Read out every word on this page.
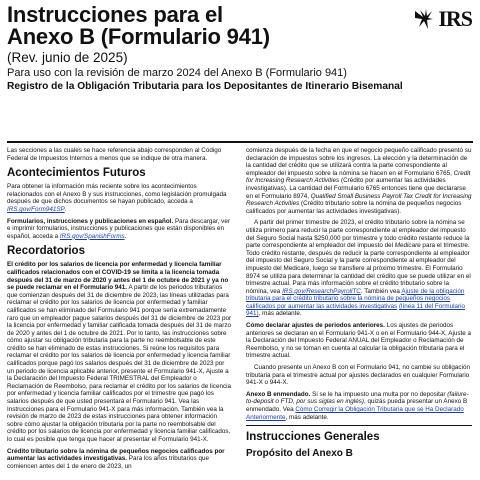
Instrucciones para el
Anexo B (Formulario 941)
(Rev. junio de 2025)
Para uso con la revisión de marzo 2024 del Anexo B (Formulario 941)
Registro de la Obligación Tributaria para los Depositantes de Itinerario Bisemanal
IRS

Las secciones a las cuales se hace referencia abajo corresponden al Código Federal de Impuestos Internos a menos que se indique de otra manera.

Acontecimientos Futuros

Para obtener la información más reciente sobre los acontecimientos relacionados con el Anexo B y sus instrucciones, como legislación promulgada después de que dichos documentos se hayan publicado, acceda a IRS.gov/Form941SP.

Formularios, instrucciones y publicaciones en español. Para descargar, ver e imprimir formularios, instrucciones y publicaciones que están disponibles en español, acceda a IRS.gov/SpanishForms.

Recordatorios

El crédito por los salarios de licencia por enfermedad y licencia familiar calificados relacionados con el COVID-19 se limita a la licencia tomada después del 31 de marzo de 2020 y antes del 1 de octubre de 2021 y ya no se puede reclamar en el Formulario 941. A partir de los periodos tributarios que comienzan después del 31 de diciembre de 2023, las líneas utilizadas para reclamar el crédito por los salarios de licencia por enfermedad y familiar calificados se han eliminado del Formulario 941 porque sería extremadamente raro que un empleador pague salarios después del 31 de diciembre de 2023 por la licencia por enfermedad y familiar calificada tomada después del 31 de marzo de 2020 y antes del 1 de octubre de 2021. Por lo tanto, las instrucciones sobre cómo ajustar su obligación tributaria para la parte no reembolsable de este crédito se han eliminado de estas instrucciones. Si reúne los requisitos para reclamar el crédito por los salarios de licencia por enfermedad y licencia familiar calificados porque pagó los salarios después del 31 de diciembre de 2023 por un periodo de licencia aplicable anterior, presente el Formulario 941-X, Ajuste a la Declaración del Impuesto Federal TRIMESTRAL del Empleador o Reclamación de Reembolso, para reclamar el crédito por los salarios de licencia por enfermedad y licencia familiar calificados por el trimestre que pagó los salarios después de que usted presentará el Formulario 941. Vea las Instrucciones para el Formulario 941-X para más información. También vea la revisión de marzo de 2023 de estas instrucciones para obtener información sobre cómo ajustar la obligación tributaria por la parte no reembolsable del crédito por los salarios de licencia por enfermedad y licencia familiar calificados, lo cual es posible que tenga que hacer al presentar el Formulario 941-X.

Crédito tributario sobre la nómina de pequeños negocios calificados por aumentar las actividades investigativas. Para los años tributarios que comiencen antes del 1 de enero de 2023, un

comienza después de la fecha en que el negocio pequeño calificado presentó su declaración de impuestos sobre los ingresos. La elección y la determinación de la cantidad del crédito que se utilizará contra la parte correspondiente al empleador del impuesto sobre la nómina se hacen en el Formulario 6765, Credit for Increasing Research Activities (Crédito por aumentar las actividades investigativas). La cantidad del Formulario 6765 entonces tiene que declararse en el Formulario 8974, Qualified Small Business Payroll Tax Credit for Increasing Research Activities (Crédito tributario sobre la nómina de pequeños negocios calificados por aumentar las actividades investigativas).

A partir del primer trimestre de 2023, el crédito tributario sobre la nómina se utiliza primero para reducir la parte correspondiente al empleador del impuesto del Seguro Social hasta $250,000 por trimestre y todo crédito restante reduce la parte correspondiente al empleador del impuesto del Medicare para el trimestre. Todo crédito restante, después de reducir la parte correspondiente al empleador del impuesto del Seguro Social y la parte correspondiente al empleador del impuesto del Medicare, luego se transfiere al próximo trimestre. El Formulario 8974 se utiliza para determinar la cantidad del crédito que se puede utilizar en el trimestre actual. Para más información sobre el crédito tributario sobre la nómina, vea IRS.gov/ResearchPayrollTC. También vea Ajuste de la obligación tributaria para el crédito tributario sobre la nómina de pequeños negocios calificados por aumentar las actividades investigativas (línea 11 del Formulario 941), más adelante.

Cómo declarar ajustes de periodos anteriores. Los ajustes de periodos anteriores se declaran en el Formulario 941-X o en el Formulario 944-X, Ajuste a la Declaración del Impuesto Federal ANUAL del Empleador o Reclamación de Reembolso, y no se toman en cuenta al calcular la obligación tributaria para el trimestre actual.

Cuando presente un Anexo B con el Formulario 941, no cambie su obligación tributaria para el trimestre actual por ajustes declarados en cualquier Formulario 941-X o 944-X.

Anexo B enmendado. Si se le ha impuesto una multa por no depositar (failure-to-deposit o FTD, por sus siglas en inglés), quizás pueda presentar un Anexo B enmendado. Vea Cómo Corregir la Obligación Tributaria que se Ha Declarado Anteriormente, más adelante.

Instrucciones Generales
Propósito del Anexo B
